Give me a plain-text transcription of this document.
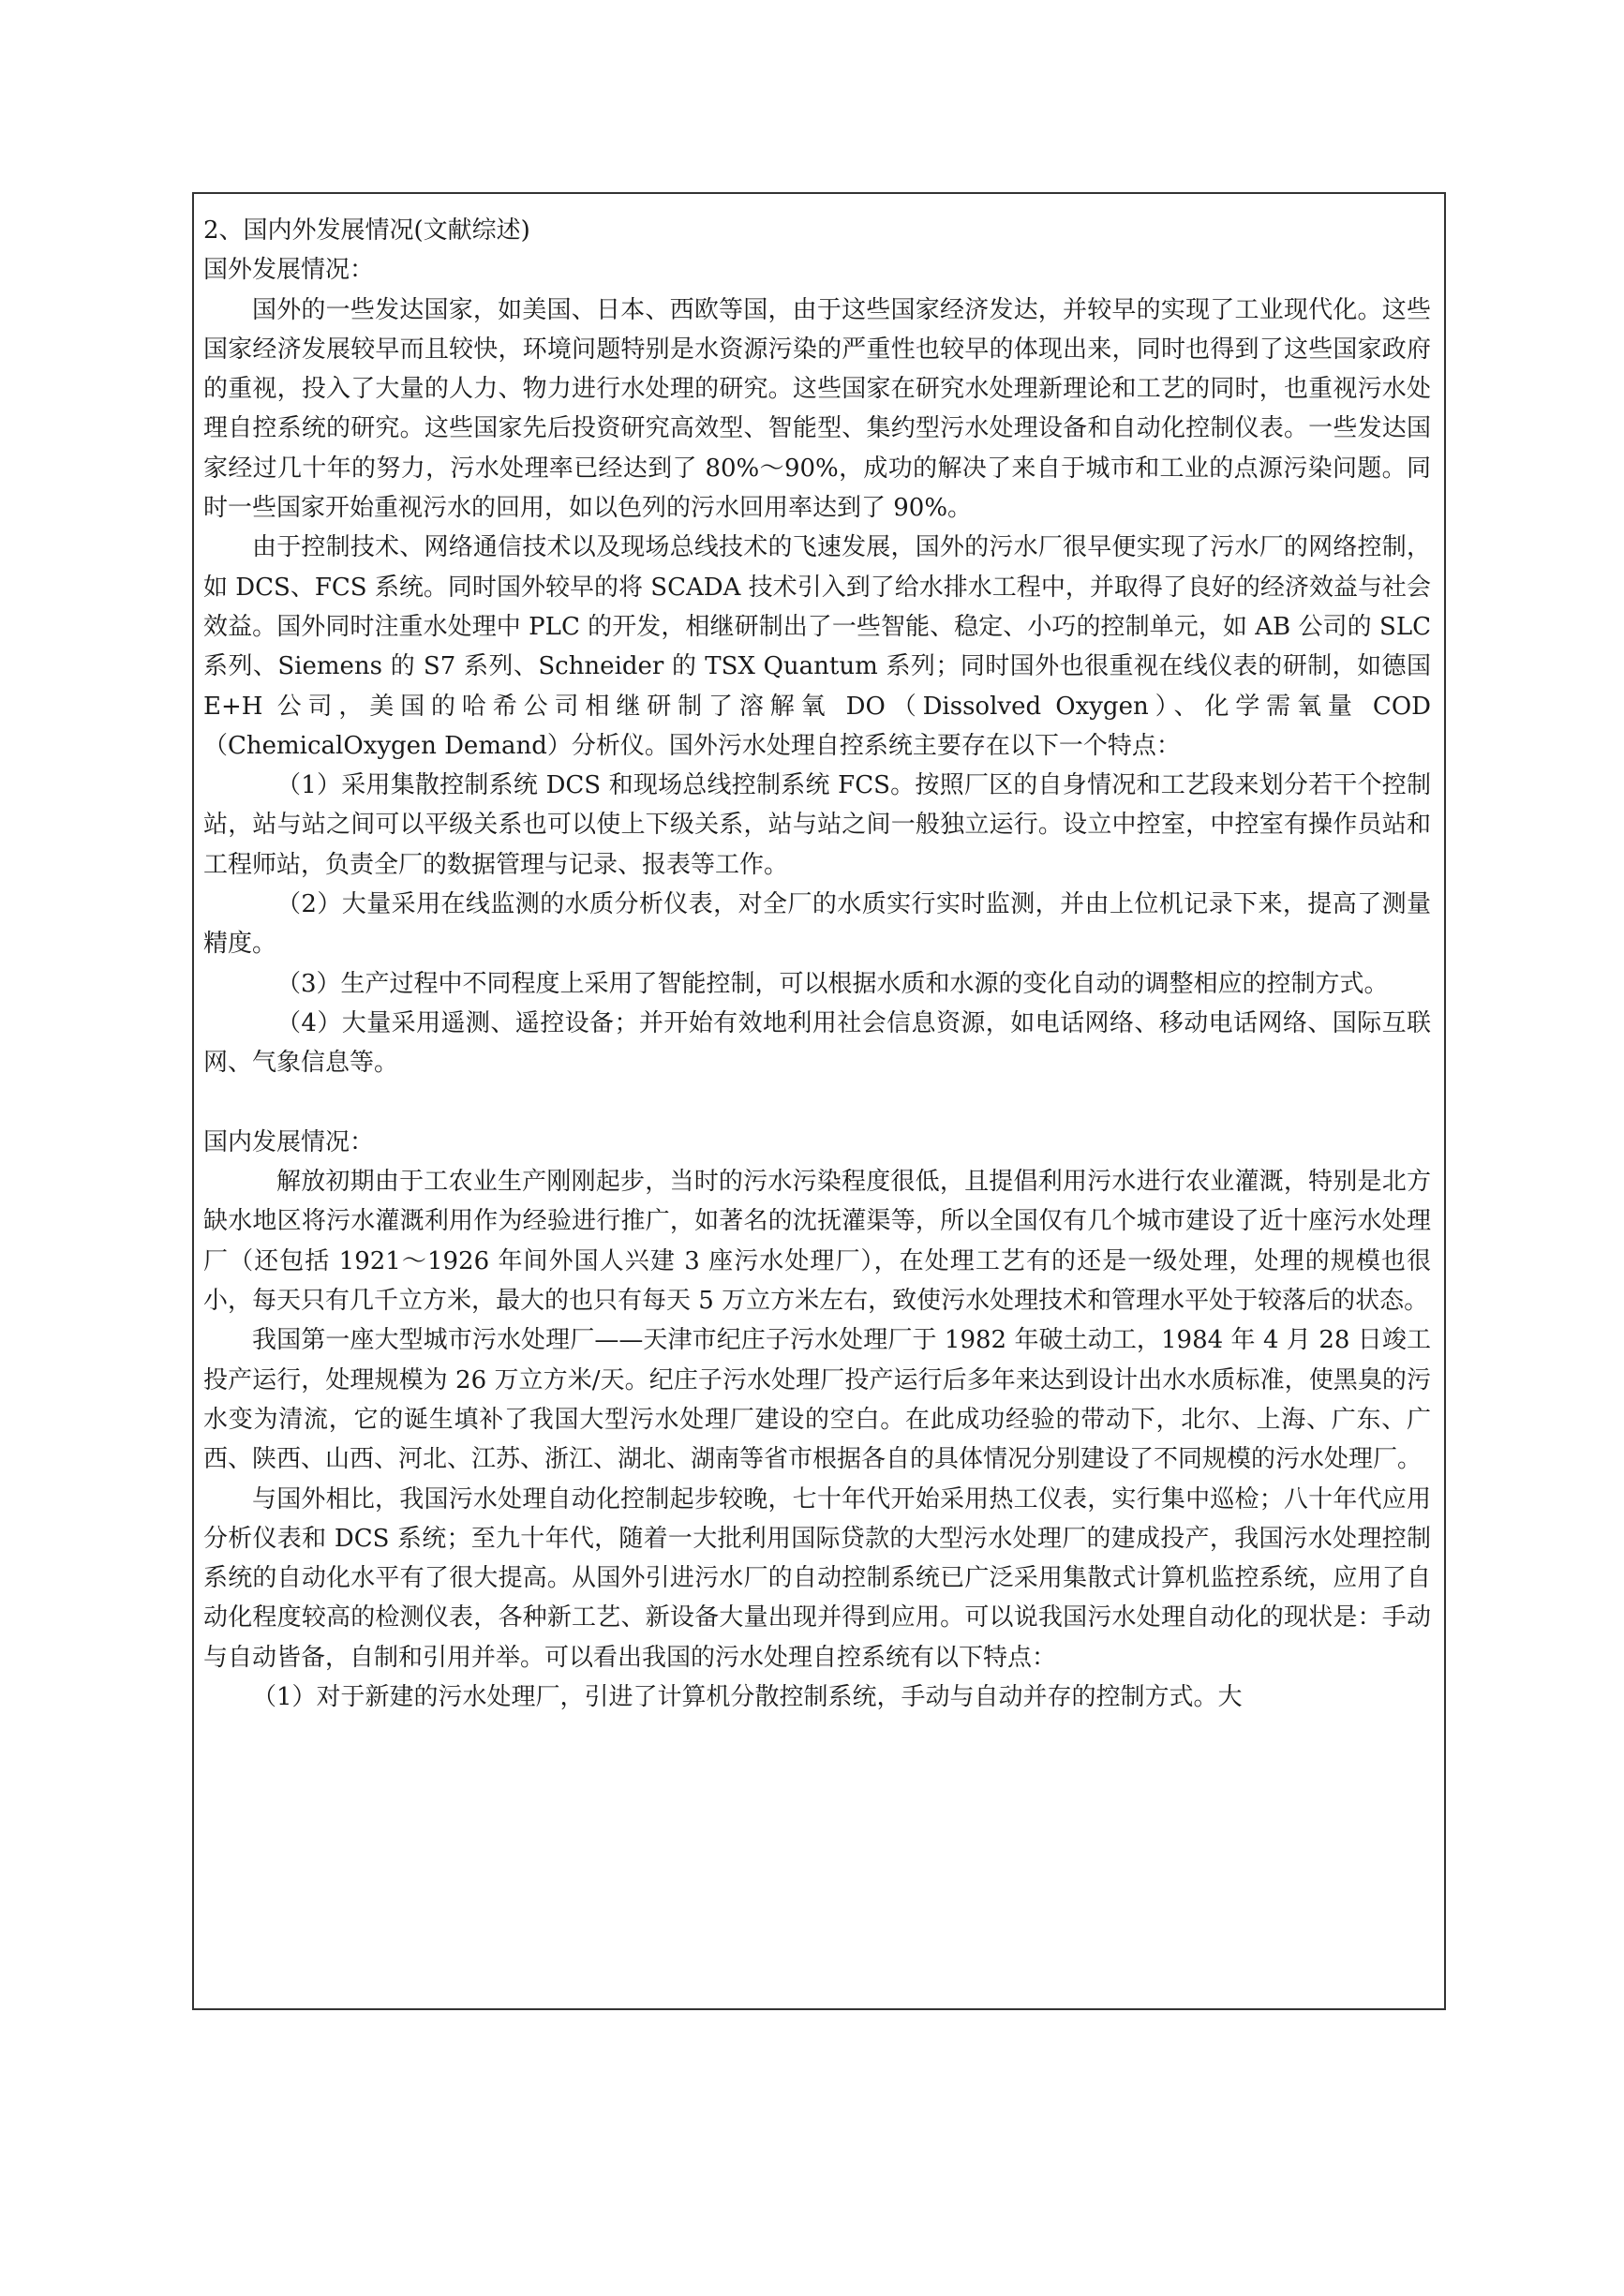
2、国内外发展情况(文献综述)

国外发展情况：

国外的一些发达国家，如美国、日本、西欧等国，由于这些国家经济发达，并较早的实现了工业现代化。这些国家经济发展较早而且较快，环境问题特别是水资源污染的严重性也较早的体现出来，同时也得到了这些国家政府的重视，投入了大量的人力、物力进行水处理的研究。这些国家在研究水处理新理论和工艺的同时，也重视污水处理自控系统的研究。这些国家先后投资研究高效型、智能型、集约型污水处理设备和自动化控制仪表。一些发达国家经过几十年的努力，污水处理率已经达到了 80%～90%，成功的解决了来自于城市和工业的点源污染问题。同时一些国家开始重视污水的回用，如以色列的污水回用率达到了 90%。

由于控制技术、网络通信技术以及现场总线技术的飞速发展，国外的污水厂很早便实现了污水厂的网络控制，如 DCS、FCS 系统。同时国外较早的将 SCADA 技术引入到了给水排水工程中，并取得了良好的经济效益与社会效益。国外同时注重水处理中 PLC 的开发，相继研制出了一些智能、稳定、小巧的控制单元，如 AB 公司的 SLC 系列、Siemens 的 S7 系列、Schneider 的 TSX Quantum 系列；同时国外也很重视在线仪表的研制，如德国 E+H 公司，美国的哈希公司相继研制了溶解氧 DO（Dissolved Oxygen）、化学需氧量 COD（ChemicalOxygen Demand）分析仪。国外污水处理自控系统主要存在以下一个特点：

（1）采用集散控制系统 DCS 和现场总线控制系统 FCS。按照厂区的自身情况和工艺段来划分若干个控制站，站与站之间可以平级关系也可以使上下级关系，站与站之间一般独立运行。设立中控室，中控室有操作员站和工程师站，负责全厂的数据管理与记录、报表等工作。

（2）大量采用在线监测的水质分析仪表，对全厂的水质实行实时监测，并由上位机记录下来，提高了测量精度。

（3）生产过程中不同程度上采用了智能控制，可以根据水质和水源的变化自动的调整相应的控制方式。

（4）大量采用遥测、遥控设备；并开始有效地利用社会信息资源，如电话网络、移动电话网络、国际互联网、气象信息等。

国内发展情况：

解放初期由于工农业生产刚刚起步，当时的污水污染程度很低，且提倡利用污水进行农业灌溉，特别是北方缺水地区将污水灌溉利用作为经验进行推广，如著名的沈抚灌渠等，所以全国仅有几个城市建设了近十座污水处理厂（还包括 1921～1926 年间外国人兴建 3 座污水处理厂），在处理工艺有的还是一级处理，处理的规模也很小，每天只有几千立方米，最大的也只有每天 5 万立方米左右，致使污水处理技术和管理水平处于较落后的状态。

我国第一座大型城市污水处理厂——天津市纪庄子污水处理厂于 1982 年破土动工，1984 年 4 月 28 日竣工投产运行，处理规模为 26 万立方米/天。纪庄子污水处理厂投产运行后多年来达到设计出水水质标准，使黑臭的污水变为清流，它的诞生填补了我国大型污水处理厂建设的空白。在此成功经验的带动下，北尔、上海、广东、广西、陕西、山西、河北、江苏、浙江、湖北、湖南等省市根据各自的具体情况分别建设了不同规模的污水处理厂。

与国外相比，我国污水处理自动化控制起步较晚，七十年代开始采用热工仪表，实行集中巡检；八十年代应用分析仪表和 DCS 系统；至九十年代，随着一大批利用国际贷款的大型污水处理厂的建成投产，我国污水处理控制系统的自动化水平有了很大提高。从国外引进污水厂的自动控制系统已广泛采用集散式计算机监控系统，应用了自动化程度较高的检测仪表，各种新工艺、新设备大量出现并得到应用。可以说我国污水处理自动化的现状是：手动与自动皆备，自制和引用并举。可以看出我国的污水处理自控系统有以下特点：

（1）对于新建的污水处理厂，引进了计算机分散控制系统，手动与自动并存的控制方式。大
